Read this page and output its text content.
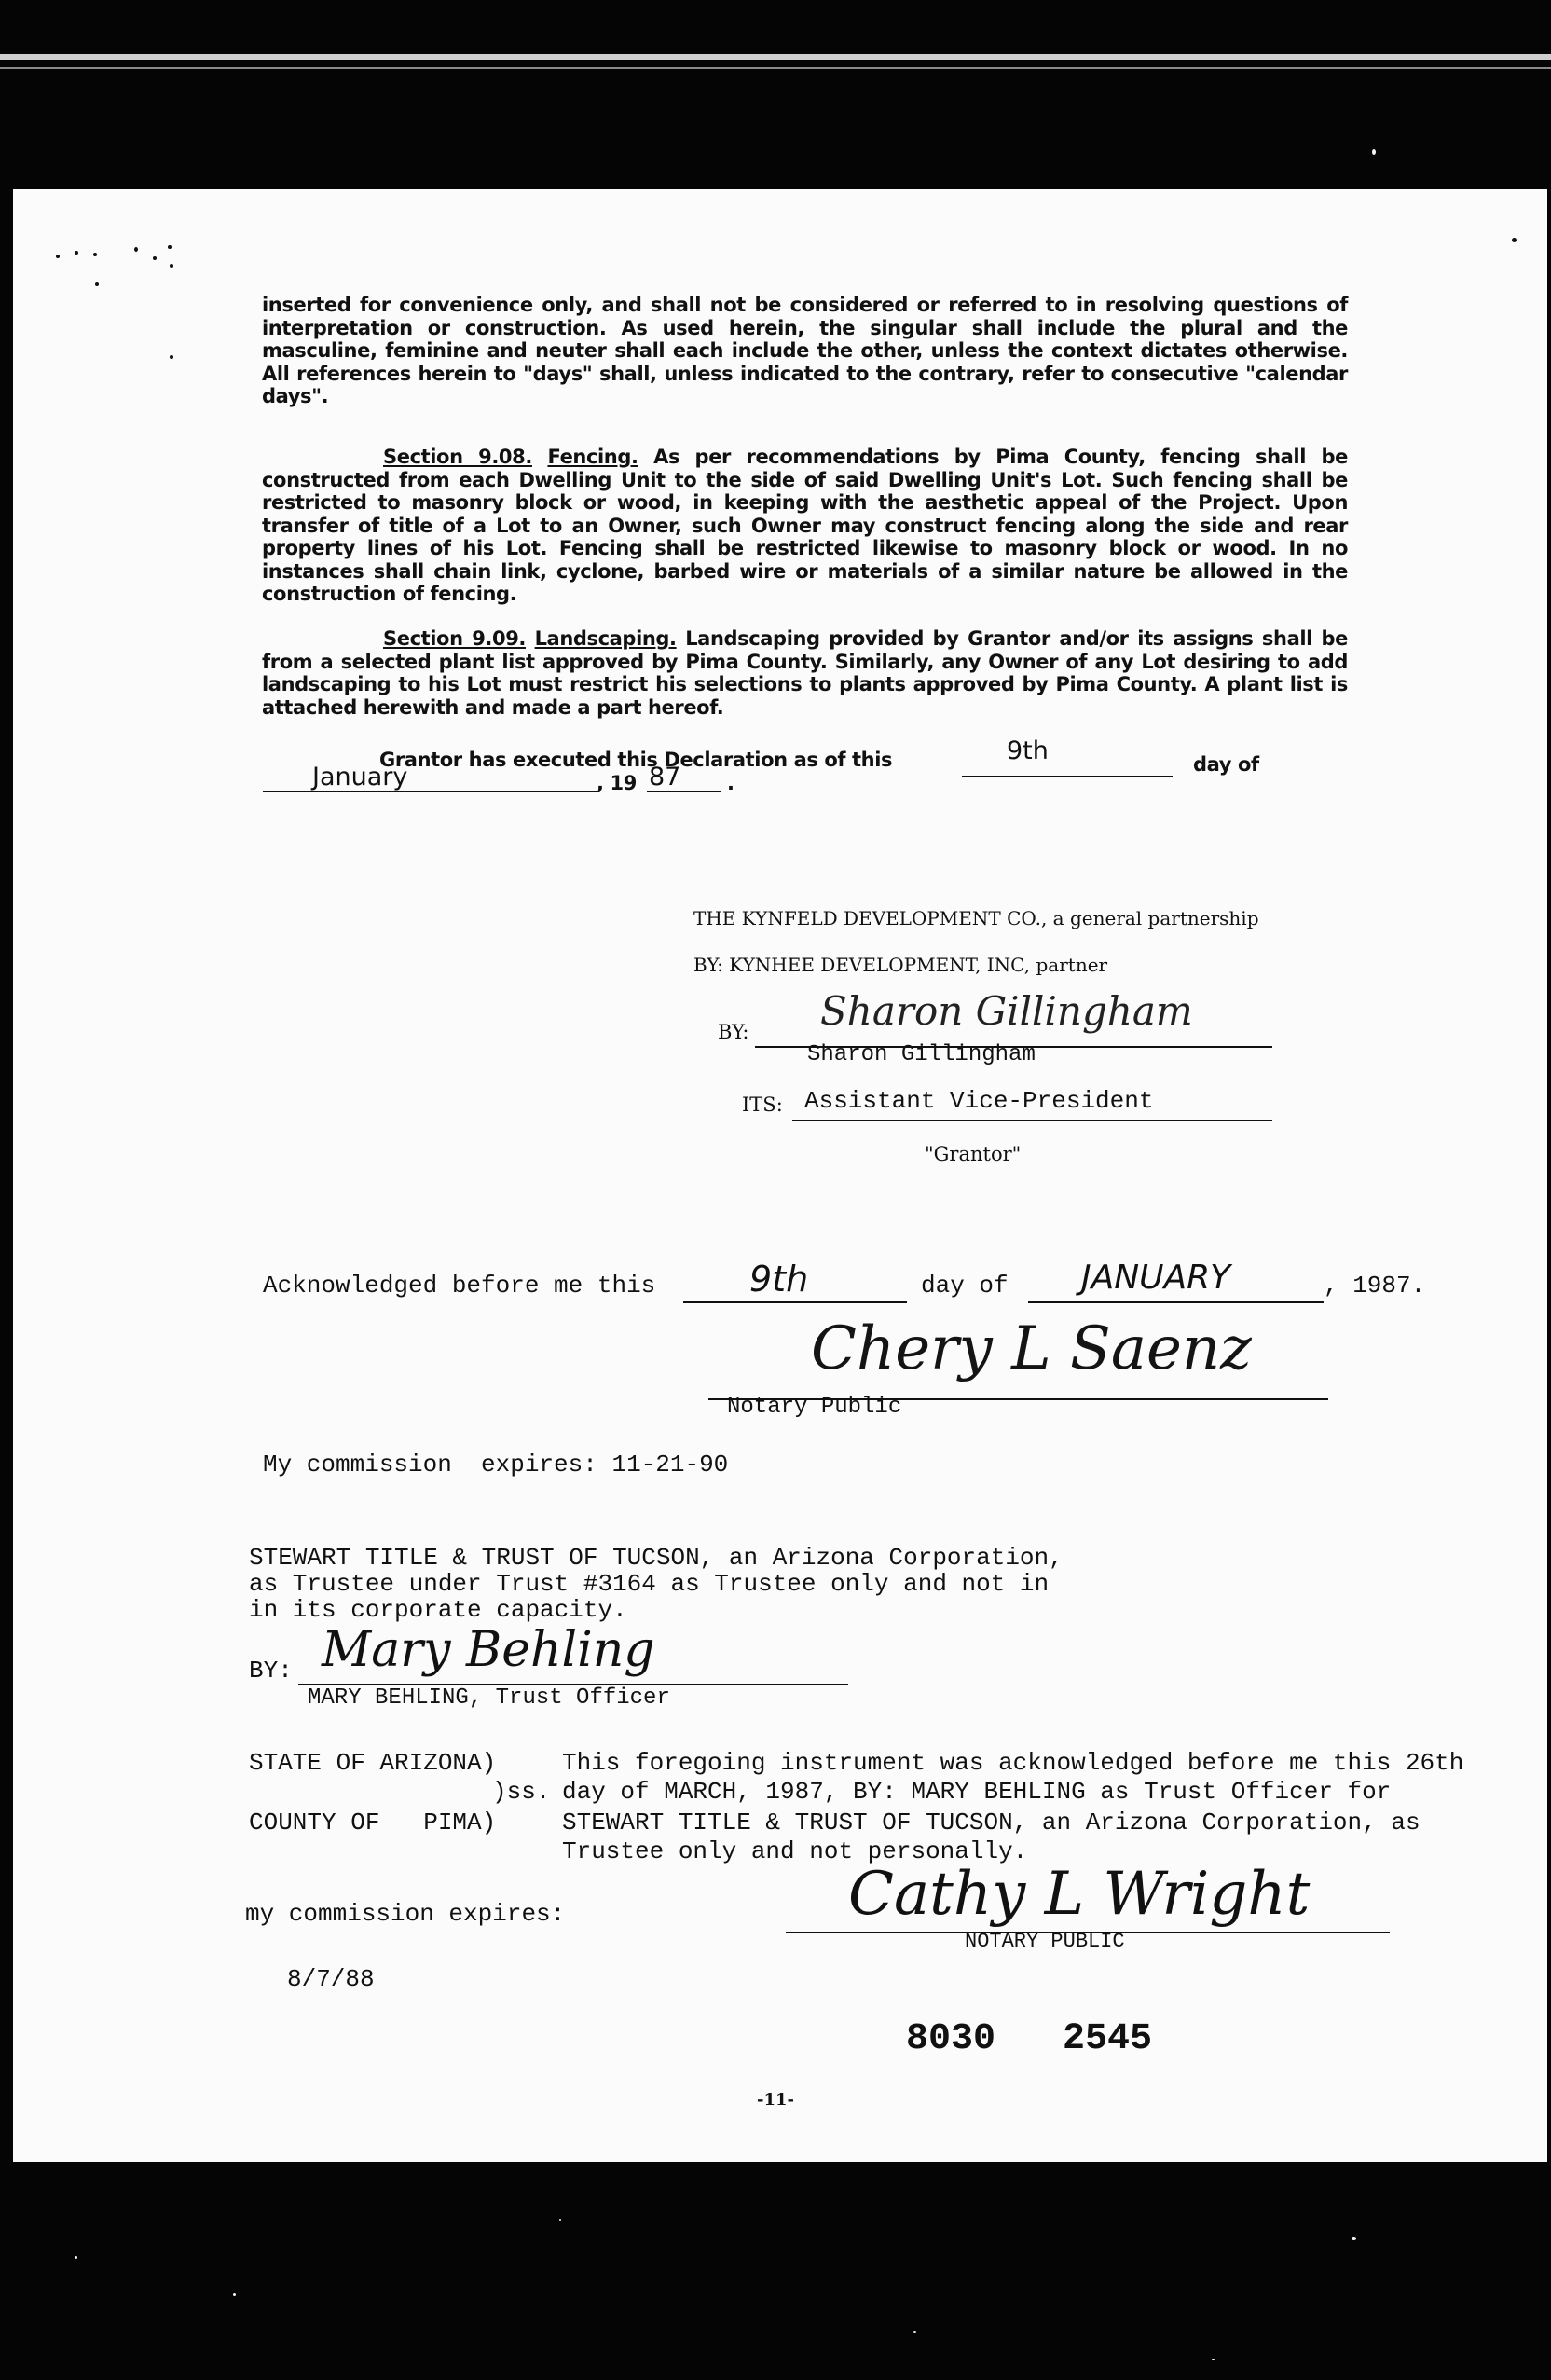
inserted for convenience only, and shall not be considered or referred to in resolving questions of interpretation or construction. As used herein, the singular shall include the plural and the masculine, feminine and neuter shall each include the other, unless the context dictates otherwise. All references herein to "days" shall, unless indicated to the contrary, refer to consecutive "calendar days".
Section 9.08. Fencing. As per recommendations by Pima County, fencing shall be constructed from each Dwelling Unit to the side of said Dwelling Unit's Lot. Such fencing shall be restricted to masonry block or wood, in keeping with the aesthetic appeal of the Project. Upon transfer of title of a Lot to an Owner, such Owner may construct fencing along the side and rear property lines of his Lot. Fencing shall be restricted likewise to masonry block or wood. In no instances shall chain link, cyclone, barbed wire or materials of a similar nature be allowed in the construction of fencing.
Section 9.09. Landscaping. Landscaping provided by Grantor and/or its assigns shall be from a selected plant list approved by Pima County. Similarly, any Owner of any Lot desiring to add landscaping to his Lot must restrict his selections to plants approved by Pima County. A plant list is attached herewith and made a part hereof.
Grantor has executed this Declaration as of this	9th	day of
January	, 19 87 .
THE KYNFELD DEVELOPMENT CO., a general partnership
BY: KYNHEE DEVELOPMENT, INC, partner
BY: Sharon Gillingham
Sharon Gillingham
ITS: Assistant Vice-President
"Grantor"
Acknowledged before me this	9th	day of JANUARY	, 1987.
Chery L Saenz
Notary Public
My commission  expires: 11-21-90
STEWART TITLE & TRUST OF TUCSON, an Arizona Corporation,
as Trustee under Trust #3164 as Trustee only and not in
in its corporate capacity.
BY: Mary Behling
MARY BEHLING, Trust Officer
STATE OF ARIZONA)
)ss.
COUNTY OF   PIMA)
This foregoing instrument was acknowledged before me this 26th
day of MARCH, 1987, BY: MARY BEHLING as Trust Officer for
STEWART TITLE & TRUST OF TUCSON, an Arizona Corporation, as
Trustee only and not personally.
my commission expires:
8/7/88
Cathy L Wright
NOTARY PUBLIC
8030   2545
-11-
